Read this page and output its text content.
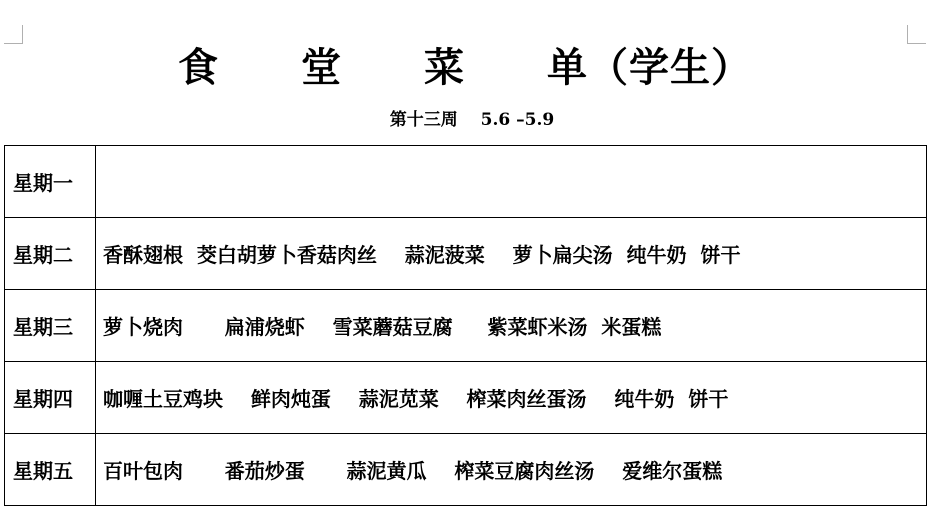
食　　堂　　菜　　单（学生）
第十三周　 5.6 –5.9
星期一	
星期二	香酥翅根  茭白胡萝卜香菇肉丝    蒜泥菠菜    萝卜扁尖汤  纯牛奶  饼干
星期三	萝卜烧肉      扁浦烧虾    雪菜蘑菇豆腐     紫菜虾米汤  米蛋糕
星期四	咖喱土豆鸡块    鲜肉炖蛋    蒜泥苋菜    榨菜肉丝蛋汤    纯牛奶  饼干
星期五	百叶包肉      番茄炒蛋      蒜泥黄瓜    榨菜豆腐肉丝汤    爱维尔蛋糕
